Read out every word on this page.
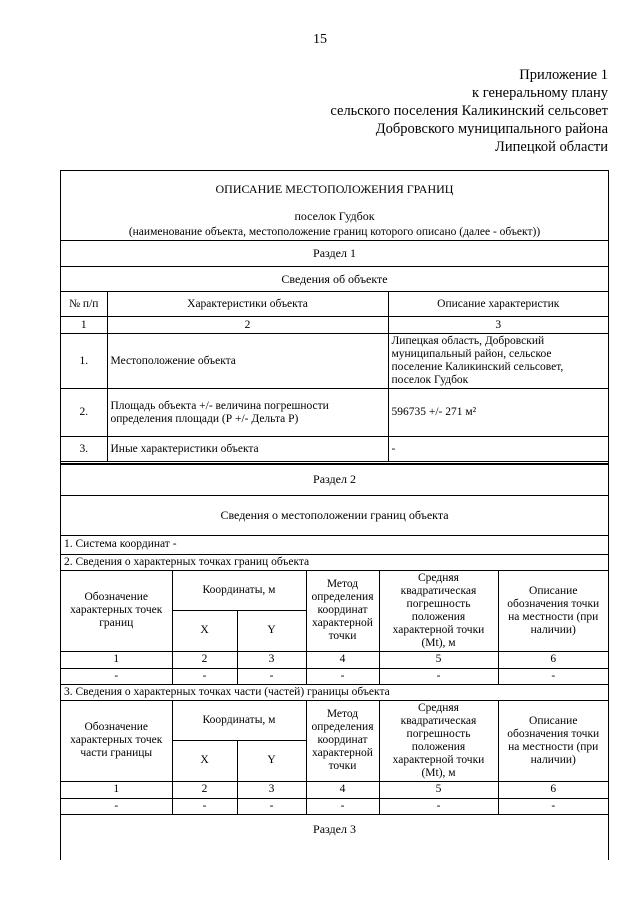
15
Приложение 1
к генеральному плану
сельского поселения Каликинский сельсовет
Добровского муниципального района
Липецкой области
ОПИСАНИЕ МЕСТОПОЛОЖЕНИЯ ГРАНИЦ		
поселок Гудбок		
(наименование объекта, местоположение границ которого описано (далее - объект))		
Раздел 1		
Сведения об объекте		
№ п/п	Характеристики объекта	Описание характеристик
1	2	3
1.	Местоположение объекта	Липецкая область, Добровский муниципальный район, сельское поселение Каликинский сельсовет, поселок Гудбок
2.	Площадь объекта +/- величина погрешности определения площади (Р +/- Дельта Р)	596735 +/- 271 м²
3.	Иные характеристики объекта	-
Раздел 2					
Сведения о местоположении границ объекта					
1. Система координат -					
2. Сведения о характерных точках границ объекта					
Обозначение характерных точек границ	Координаты, м		Метод определения координат характерной точки	Средняя квадратическая погрешность положения характерной точки (Mt), м	Описание обозначения точки на местности (при наличии)
	X	Y			
1	2	3	4	5	6
-	-	-	-	-	-
3. Сведения о характерных точках части (частей) границы объекта					
Обозначение характерных точек части границы	Координаты, м		Метод определения координат характерной точки	Средняя квадратическая погрешность положения характерной точки (Mt), м	Описание обозначения точки на местности (при наличии)
	X	Y			
1	2	3	4	5	6
-	-	-	-	-	-
Раздел 3					
